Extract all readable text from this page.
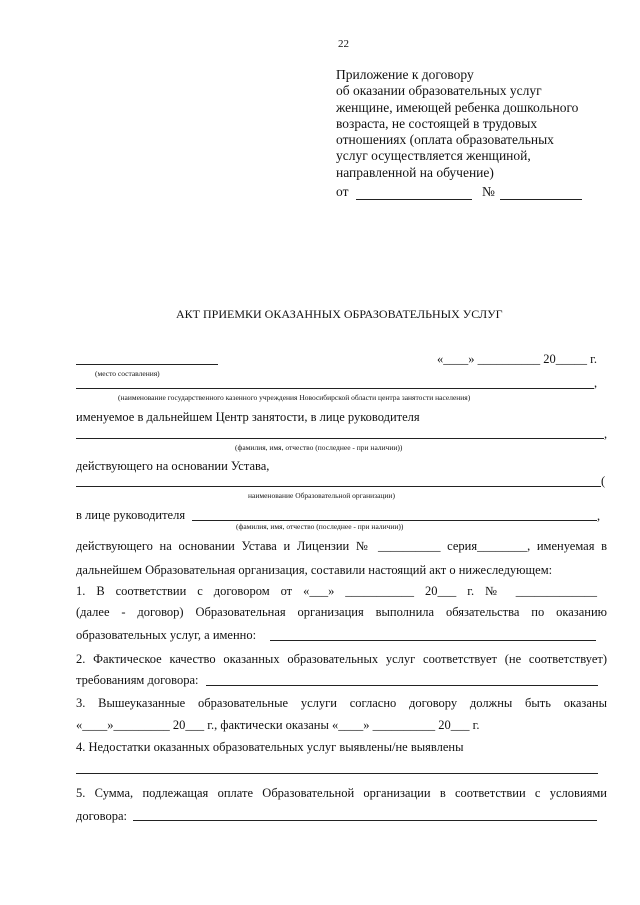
22
Приложение к договору
об оказании образовательных услуг
женщине, имеющей ребенка дошкольного
возраста, не состоящей в трудовых
отношениях (оплата образовательных
услуг осуществляется женщиной,
направленной на обучение)
от	№
АКТ ПРИЕМКИ ОКАЗАННЫХ ОБРАЗОВАТЕЛЬНЫХ УСЛУГ
(место составления)
«____» __________ 20_____ г.
,
(наименование государственного казенного учреждения Новосибирской области центра занятости населения)
именуемое в дальнейшем Центр занятости, в лице руководителя
,
(фамилия, имя, отчество (последнее - при наличии))
действующего на основании Устава,
(
наименование Образовательной организации)
в лице руководителя	,
(фамилия, имя, отчество (последнее - при наличии))
действующего на основании Устава и Лицензии № __________ серия________, именуемая в
дальнейшем Образовательная организация, составили настоящий акт о нижеследующем:
1. В соответствии с договором от «___» ___________ 20___ г. № _____________
(далее - договор) Образовательная организация выполнила обязательства по оказанию
образовательных услуг, а именно:
2. Фактическое качество оказанных образовательных услуг соответствует (не соответствует)
требованиям договора:
3. Вышеуказанные образовательные услуги согласно договору должны быть оказаны
«____»_________ 20___ г., фактически оказаны «____» __________ 20___ г.
4. Недостатки оказанных образовательных услуг выявлены/не выявлены
5. Сумма, подлежащая оплате Образовательной организации в соответствии с условиями
договора:
